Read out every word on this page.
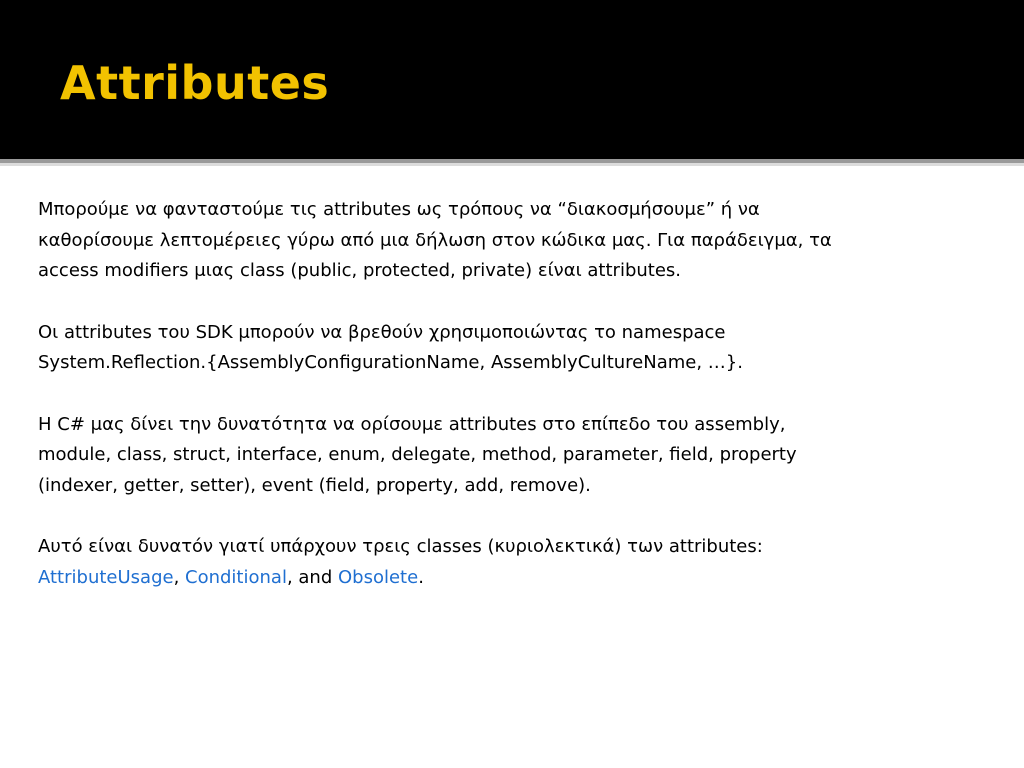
Attributes

Μπορούμε να φανταστούμε τις attributes ως τρόπους να “διακοσμήσουμε” ή να
καθορίσουμε λεπτομέρειες γύρω από μια δήλωση στον κώδικα μας. Για παράδειγμα, τα
access modifiers μιας class (public, protected, private) είναι attributes.

Οι attributes του SDK μπορούν να βρεθούν χρησιμοποιώντας το namespace
System.Reflection.{AssemblyConfigurationName, AssemblyCultureName, …}.

Η C# μας δίνει την δυνατότητα να ορίσουμε attributes στο επίπεδο του assembly,
module, class, struct, interface, enum, delegate, method, parameter, field, property
(indexer, getter, setter), event (field, property, add, remove).

Αυτό είναι δυνατόν γιατί υπάρχουν τρεις classes (κυριολεκτικά) των attributes:
AttributeUsage, Conditional, and Obsolete.
